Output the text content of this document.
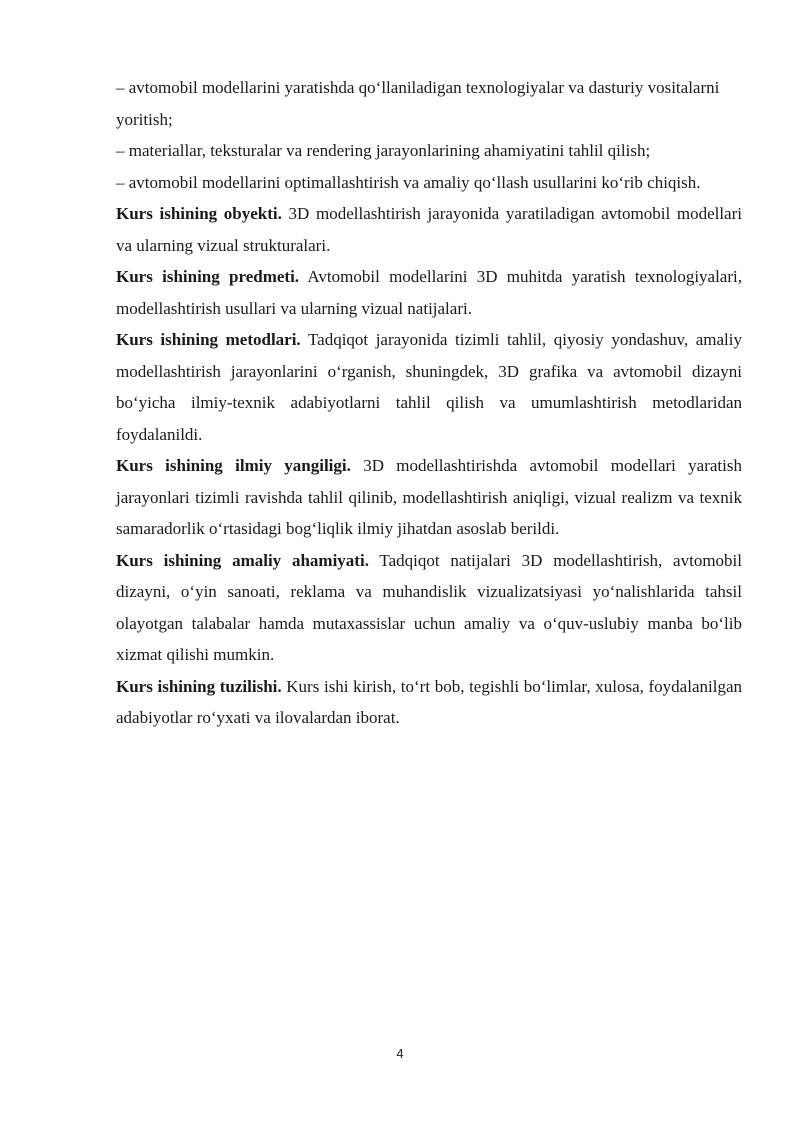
– avtomobil modellarini yaratishda qo‘llaniladigan texnologiyalar va dasturiy vositalarni yoritish;

– materiallar, teksturalar va rendering jarayonlarining ahamiyatini tahlil qilish;

– avtomobil modellarini optimallashtirish va amaliy qo‘llash usullarini ko‘rib chiqish.

Kurs ishining obyekti. 3D modellashtirish jarayonida yaratiladigan avtomobil modellari va ularning vizual strukturalari.

Kurs ishining predmeti. Avtomobil modellarini 3D muhitda yaratish texnologiyalari, modellashtirish usullari va ularning vizual natijalari.

Kurs ishining metodlari. Tadqiqot jarayonida tizimli tahlil, qiyosiy yondashuv, amaliy modellashtirish jarayonlarini o‘rganish, shuningdek, 3D grafika va avtomobil dizayni bo‘yicha ilmiy-texnik adabiyotlarni tahlil qilish va umumlashtirish metodlaridan foydalanildi.

Kurs ishining ilmiy yangiligi. 3D modellashtirishda avtomobil modellari yaratish jarayonlari tizimli ravishda tahlil qilinib, modellashtirish aniqligi, vizual realizm va texnik samaradorlik o‘rtasidagi bog‘liqlik ilmiy jihatdan asoslab berildi.

Kurs ishining amaliy ahamiyati. Tadqiqot natijalari 3D modellashtirish, avtomobil dizayni, o‘yin sanoati, reklama va muhandislik vizualizatsiyasi yo‘nalishlarida tahsil olayotgan talabalar hamda mutaxassislar uchun amaliy va o‘quv-uslubiy manba bo‘lib xizmat qilishi mumkin.

Kurs ishining tuzilishi. Kurs ishi kirish, to‘rt bob, tegishli bo‘limlar, xulosa, foydalanilgan adabiyotlar ro‘yxati va ilovalardan iborat.

4
